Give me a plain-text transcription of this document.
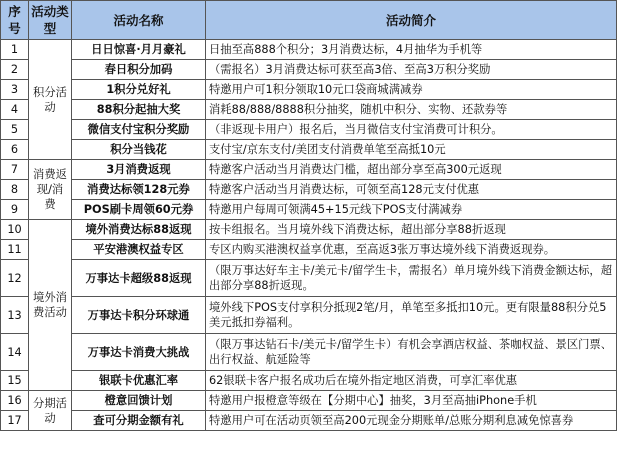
序号	活动类型	活动名称	活动简介
1	积分活动	日日惊喜·月月豪礼	日抽至高888个积分；3月消费达标，4月抽华为手机等
2		春日积分加码	（需报名）3月消费达标可获至高3倍、至高3万积分奖励
3		1积分兑好礼	特邀用户可1积分领取10元口袋商城满减券
4		88积分起抽大奖	消耗88/888/8888积分抽奖，随机中积分、实物、还款券等
5		微信支付宝积分奖励	（非返现卡用户）报名后，当月微信支付宝消费可计积分。
6		积分当钱花	支付宝/京东支付/美团支付消费单笔至高抵10元
7	消费返现/消费	3月消费返现	特邀客户活动当月消费达门槛，超出部分享至高300元返现
8		消费达标领128元券	特邀客户活动当月消费达标，可领至高128元支付优惠
9		POS刷卡周领60元券	特邀用户每周可领满45+15元线下POS支付满减券
10	境外消费活动	境外消费达标88返现	按卡组报名。当月境外线下消费达标，超出部分享88折返现
11		平安港澳权益专区	专区内购买港澳权益享优惠，至高返3张万事达境外线下消费返现券。
12		万事达卡超级88返现	（限万事达好车主卡/美元卡/留学生卡，需报名）单月境外线下消费金额达标，超出部分享88折返现。
13		万事达卡积分环球通	境外线下POS支付享积分抵现2笔/月，单笔至多抵扣10元。更有限量88积分兑5美元抵扣券福利。
14		万事达卡消费大挑战	（限万事达钻石卡/美元卡/留学生卡）有机会享酒店权益、茶咖权益、景区门票、出行权益、航延险等
15		银联卡优惠汇率	62银联卡客户报名成功后在境外指定地区消费，可享汇率优惠
16	分期活动	橙意回馈计划	特邀用户报橙意等级在【分期中心】抽奖，3月至高抽iPhone手机
17		查可分期金额有礼	特邀用户可在活动页领至高200元现金分期账单/总账分期利息减免惊喜券
